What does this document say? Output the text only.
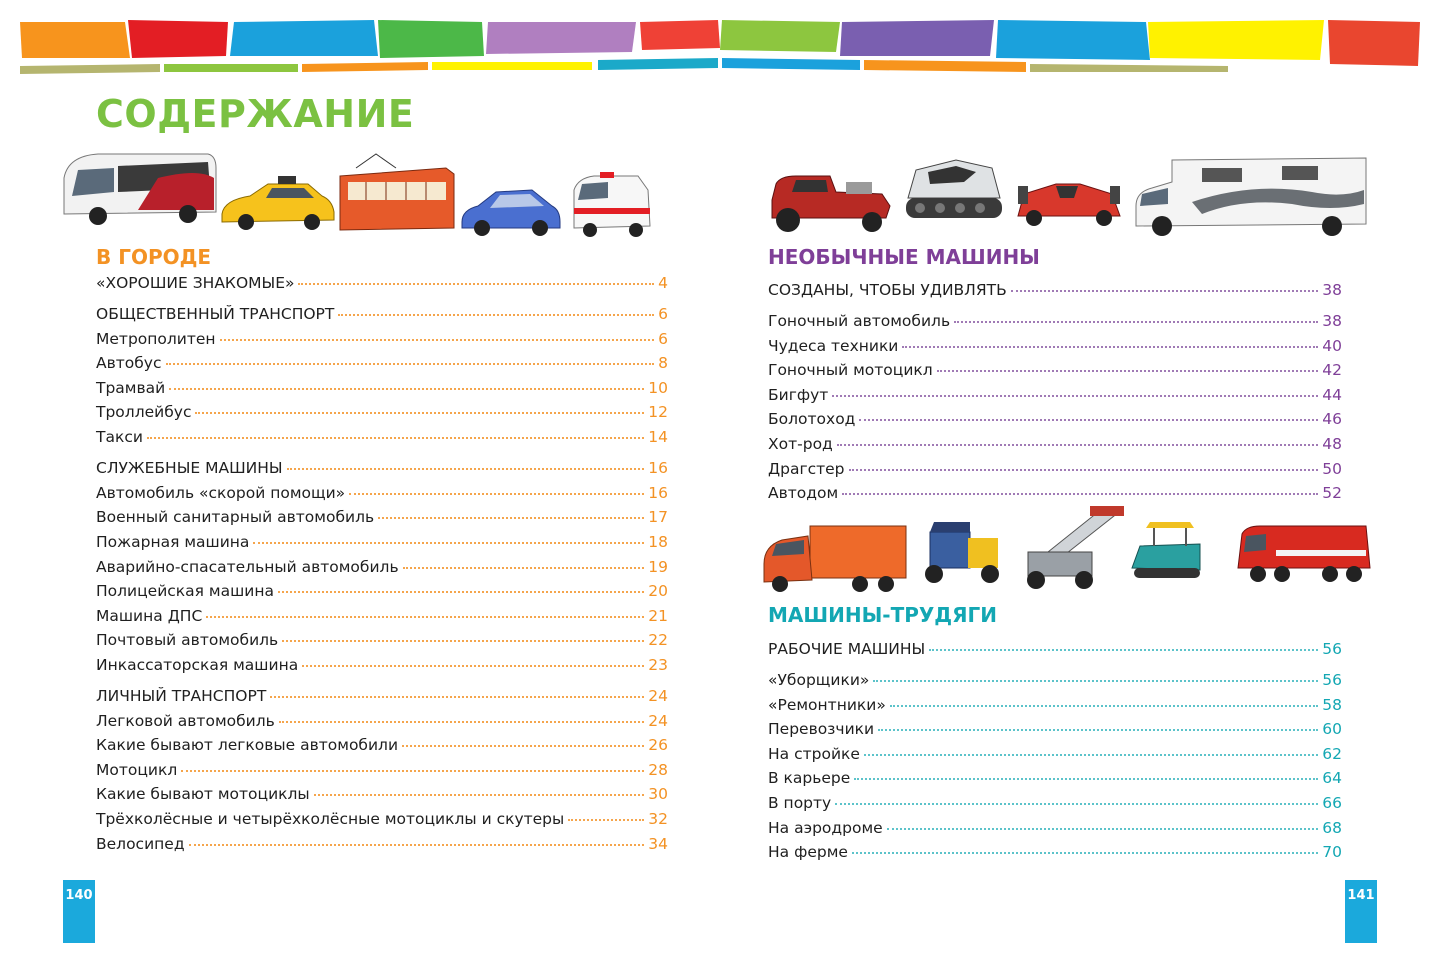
СОДЕРЖАНИЕ
В ГОРОДЕ	НЕОБЫЧНЫЕ МАШИНЫ
МАШИНЫ-ТРУДЯГИ
«ХОРОШИЕ ЗНАКОМЫЕ»	4
ОБЩЕСТВЕННЫЙ ТРАНСПОРТ	6
Метрополитен	6
Автобус	8
Трамвай	10
Троллейбус	12
Такси	14
СЛУЖЕБНЫЕ МАШИНЫ	16
Автомобиль «скорой помощи»	16
Военный санитарный автомобиль	17
Пожарная машина	18
Аварийно-спасательный автомобиль	19
Полицейская машина	20
Машина ДПС	21
Почтовый автомобиль	22
Инкассаторская машина	23
ЛИЧНЫЙ ТРАНСПОРТ	24
Легковой автомобиль	24
Какие бывают легковые автомобили	26
Мотоцикл	28
Какие бывают мотоциклы	30
Трёхколёсные и четырёхколёсные мотоциклы и скутеры	32
Велосипед	34
СОЗДАНЫ, ЧТОБЫ УДИВЛЯТЬ	38
Гоночный автомобиль	38
Чудеса техники	40
Гоночный мотоцикл	42
Бигфут	44
Болотоход	46
Хот-род	48
Драгстер	50
Автодом	52
РАБОЧИЕ МАШИНЫ	56
«Уборщики»	56
«Ремонтники»	58
Перевозчики	60
На стройке	62
В карьере	64
В порту	66
На аэродроме	68
На ферме	70
140	141
